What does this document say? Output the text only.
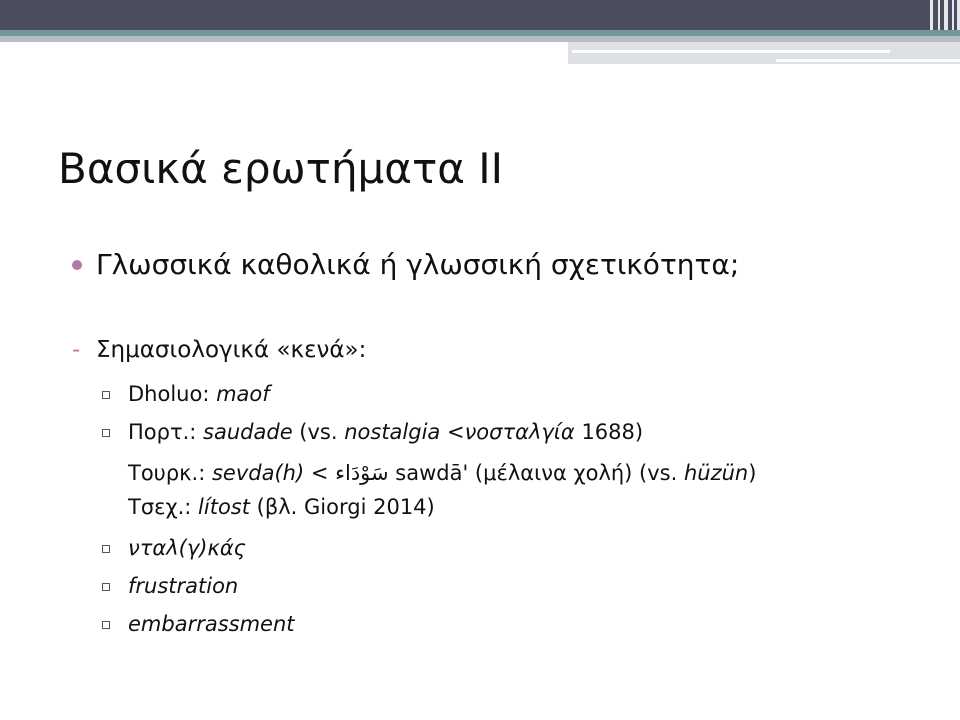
Βασικά ερωτήματα ΙΙ
Γλωσσικά καθολικά ή γλωσσική σχετικότητα;
- Σημασιολογικά «κενά»:
Dholuo: maof
Πορτ.: saudade (vs. nostalgia <νοσταλγία 1688)
Τουρκ.: sevda(h) < سَوْدَاء sawdā' (μέλαινα χολή) (vs. hüzün)
Τσεχ.: lítost (βλ. Giorgi 2014)
νταλ(γ)κάς
frustration
embarrassment
